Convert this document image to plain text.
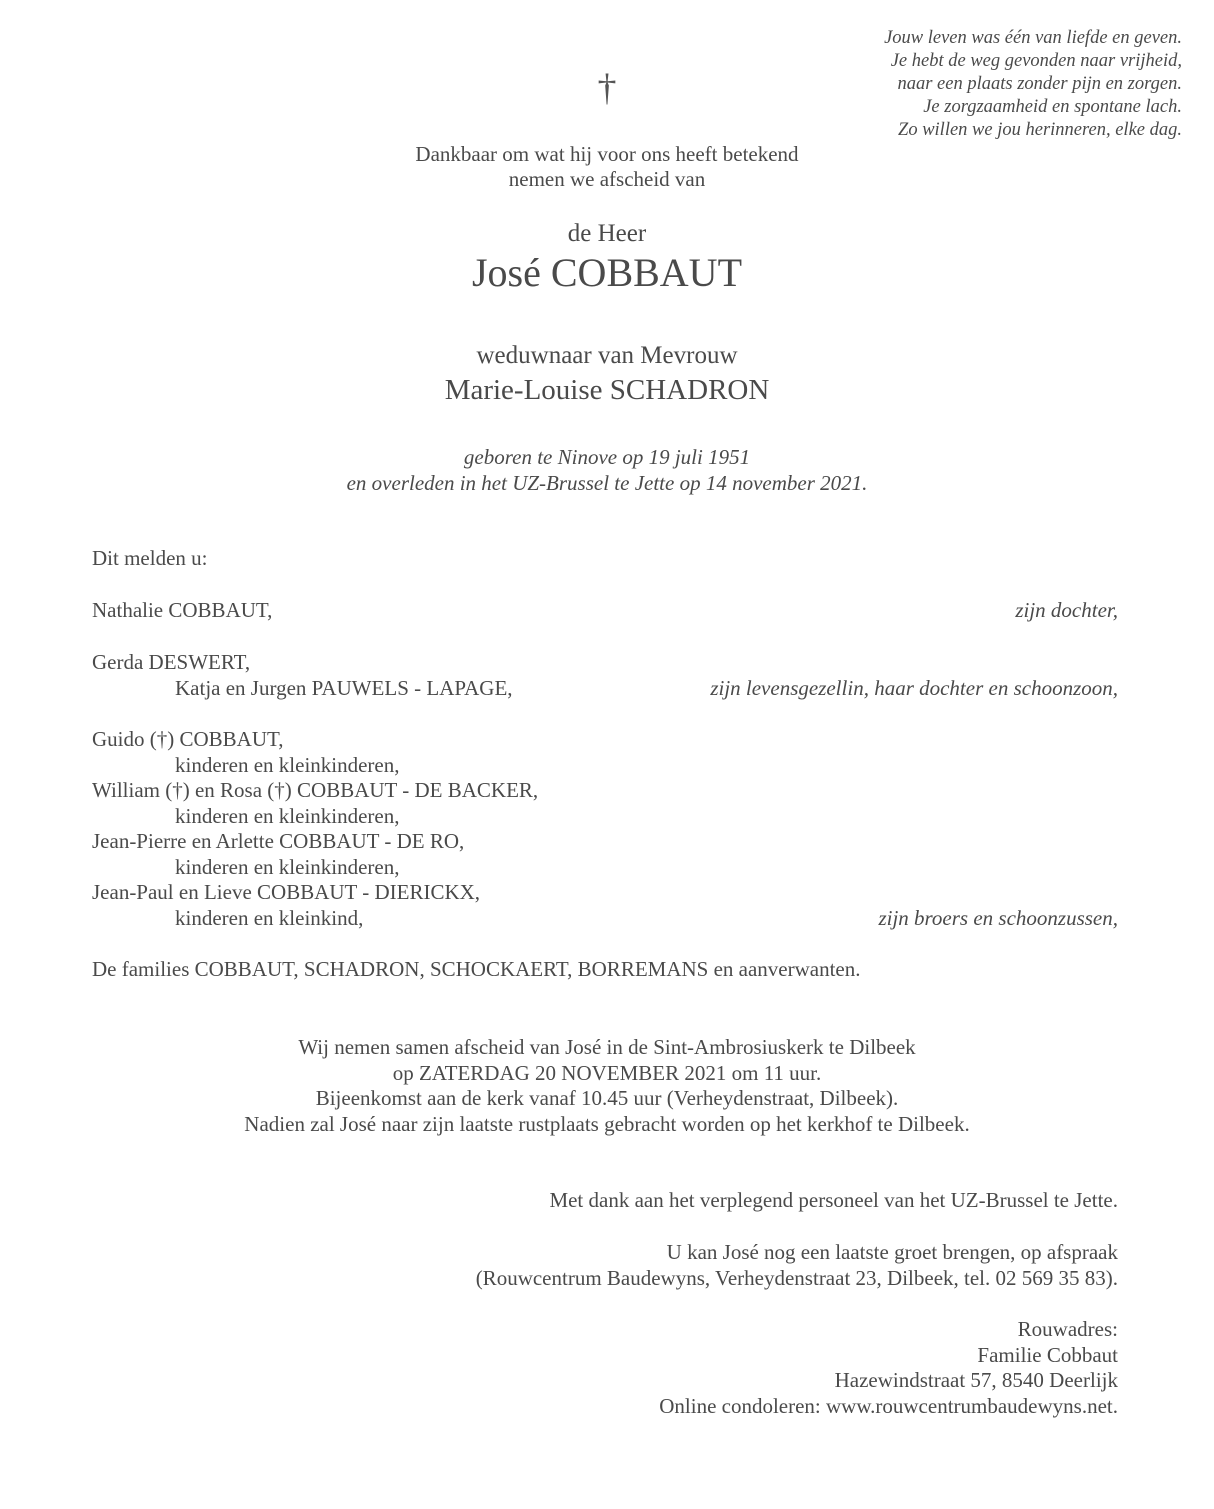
Jouw leven was één van liefde en geven.
Je hebt de weg gevonden naar vrijheid,
naar een plaats zonder pijn en zorgen.
Je zorgzaamheid en spontane lach.
Zo willen we jou herinneren, elke dag.
†
Dankbaar om wat hij voor ons heeft betekend
nemen we afscheid van
de Heer
José COBBAUT
weduwnaar van Mevrouw
Marie-Louise SCHADRON
geboren te Ninove op 19 juli 1951
en overleden in het UZ-Brussel te Jette op 14 november 2021.
Dit melden u:
Nathalie COBBAUT,	zijn dochter,
Gerda DESWERT,
Katja en Jurgen PAUWELS - LAPAGE,	zijn levensgezellin, haar dochter en schoonzoon,
Guido (†) COBBAUT,
kinderen en kleinkinderen,
William (†) en Rosa (†) COBBAUT - DE BACKER,
kinderen en kleinkinderen,
Jean-Pierre en Arlette COBBAUT - DE RO,
kinderen en kleinkinderen,
Jean-Paul en Lieve COBBAUT - DIERICKX,
kinderen en kleinkind,	zijn broers en schoonzussen,
De families COBBAUT, SCHADRON, SCHOCKAERT, BORREMANS en aanverwanten.
Wij nemen samen afscheid van José in de Sint-Ambrosiuskerk te Dilbeek
op ZATERDAG 20 NOVEMBER 2021 om 11 uur.
Bijeenkomst aan de kerk vanaf 10.45 uur (Verheydenstraat, Dilbeek).
Nadien zal José naar zijn laatste rustplaats gebracht worden op het kerkhof te Dilbeek.
Met dank aan het verplegend personeel van het UZ-Brussel te Jette.
U kan José nog een laatste groet brengen, op afspraak
(Rouwcentrum Baudewyns, Verheydenstraat 23, Dilbeek, tel. 02 569 35 83).
Rouwadres:
Familie Cobbaut
Hazewindstraat 57, 8540 Deerlijk
Online condoleren: www.rouwcentrumbaudewyns.net.
